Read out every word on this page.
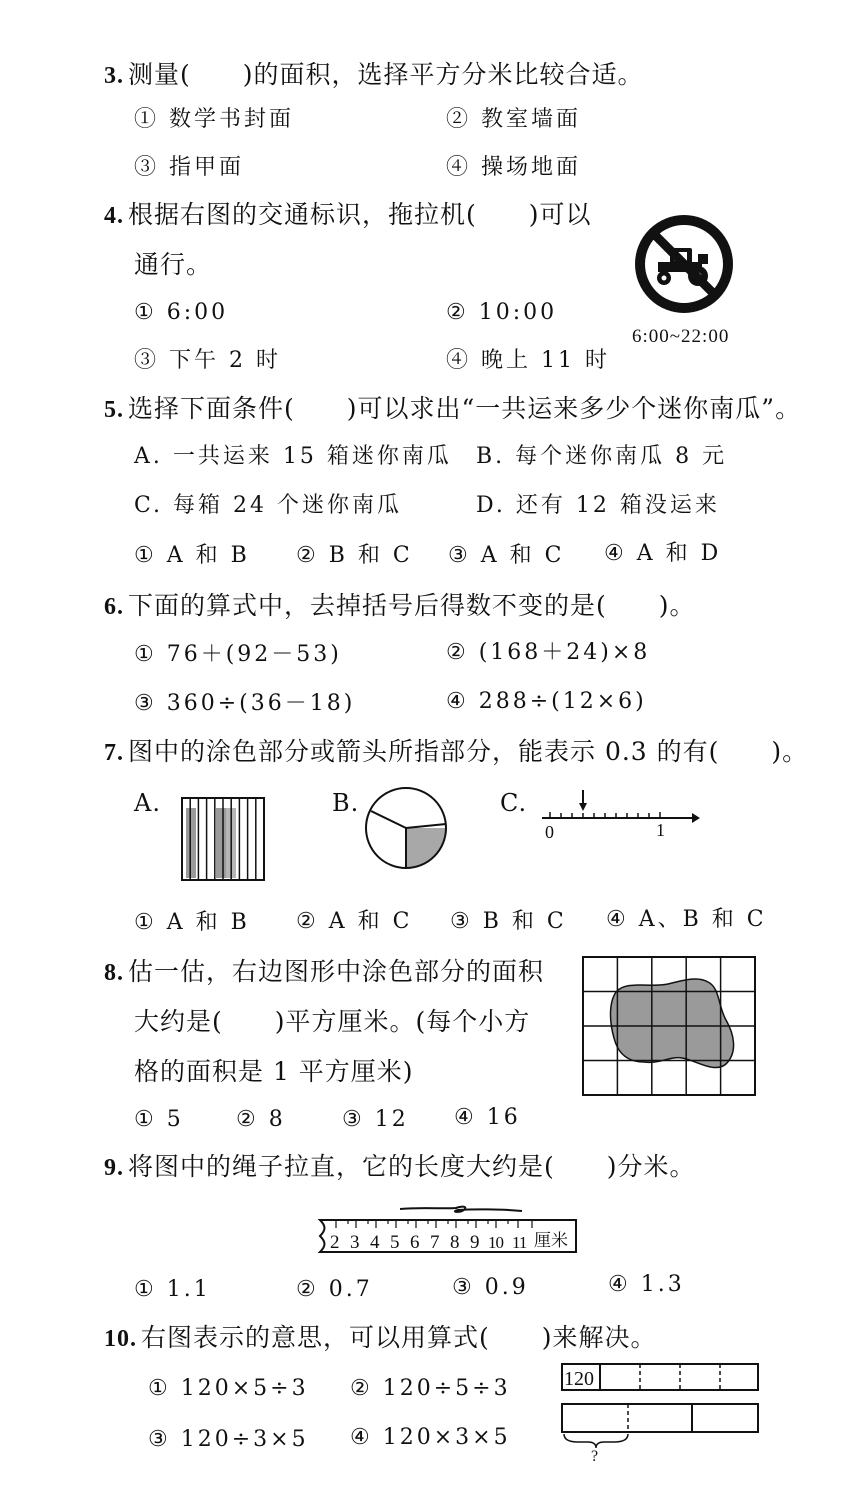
3. 测量(　　)的面积，选择平方分米比较合适。
① 数学书封面	② 教室墙面
③ 指甲面	④ 操场地面
4. 根据右图的交通标识，拖拉机(　　)可以
通行。
6:00~22:00
① 6:00	② 10:00
③ 下午 2 时	④ 晚上 11 时
5. 选择下面条件(　　)可以求出“一共运来多少个迷你南瓜”。
A. 一共运来 15 箱迷你南瓜 B. 每个迷你南瓜 8 元
C. 每箱 24 个迷你南瓜	D. 还有 12 箱没运来
① A 和 B ② B 和 C ③ A 和 C ④ A 和 D
6. 下面的算式中，去掉括号后得数不变的是(　　)。
① 76＋(92－53)	② (168＋24)×8
③ 360÷(36－18)	④ 288÷(12×6)
7. 图中的涂色部分或箭头所指部分，能表示 0.3 的有(　　)。
A.	B.	C.
0	1
① A 和 B ② A 和 C ③ B 和 C ④ A、B 和 C
8. 估一估，右边图形中涂色部分的面积
大约是(　　)平方厘米。(每个小方
格的面积是 1 平方厘米)
① 5 ② 8	③ 12 ④ 16
9. 将图中的绳子拉直，它的长度大约是(　　)分米。
2 3 4 5 6 7 8 9 10 11 厘米
① 1.1	② 0.7	③ 0.9	④ 1.3
10. 右图表示的意思，可以用算式(　　)来解决。
120
?
① 120×5÷3 ② 120÷5÷3
③ 120÷3×5 ④ 120×3×5
